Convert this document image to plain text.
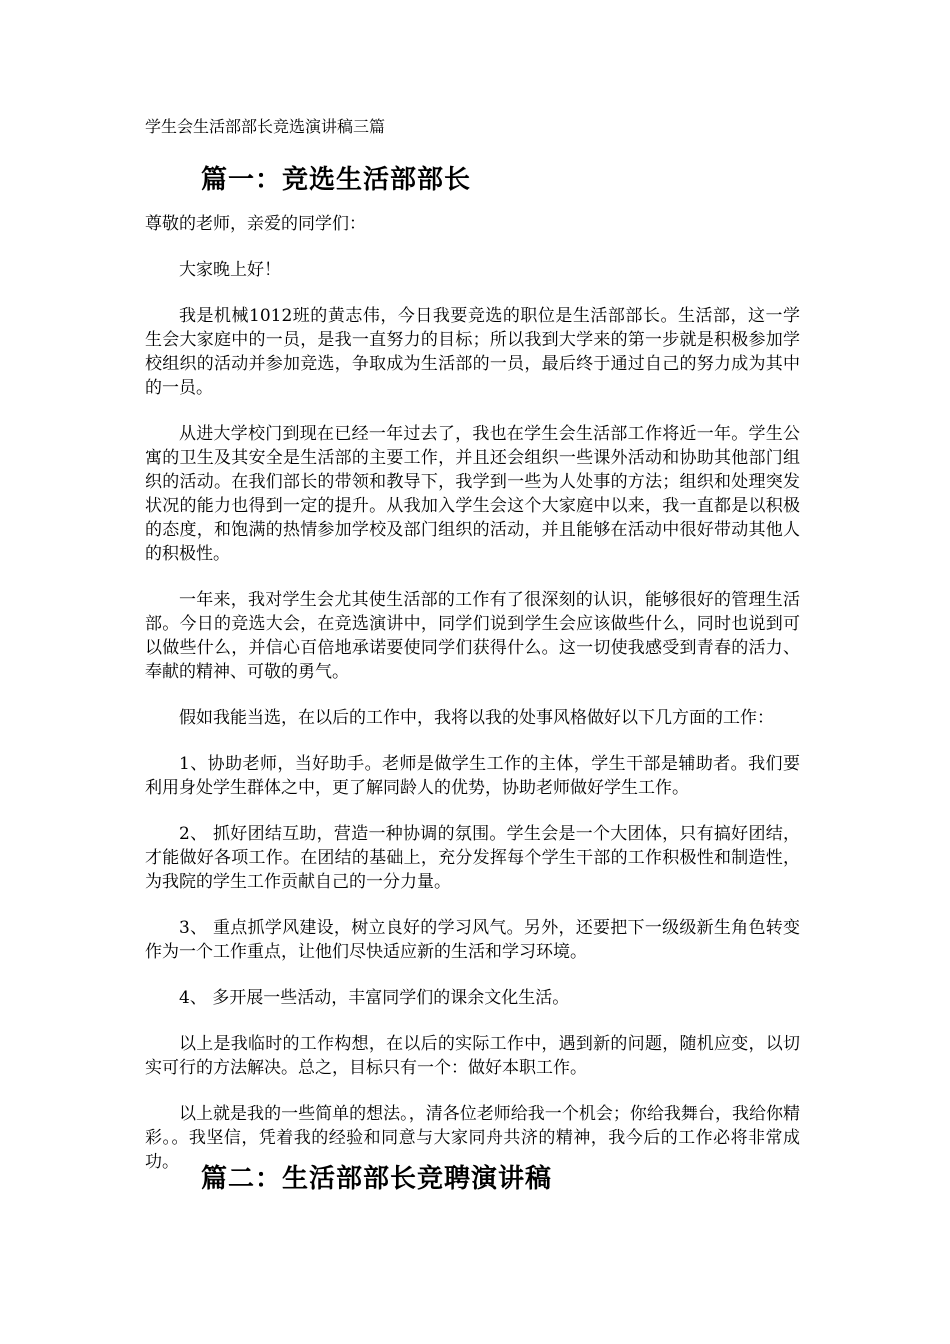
学生会生活部部长竞选演讲稿三篇
篇一：竞选生活部部长

尊敬的老师，亲爱的同学们：

大家晚上好！

我是机械1012班的黄志伟，今日我要竞选的职位是生活部部长。生活部，这一学生会大家庭中的一员，是我一直努力的目标；所以我到大学来的第一步就是积极参加学校组织的活动并参加竞选，争取成为生活部的一员，最后终于通过自己的努力成为其中的一员。

从进大学校门到现在已经一年过去了，我也在学生会生活部工作将近一年。学生公寓的卫生及其安全是生活部的主要工作，并且还会组织一些课外活动和协助其他部门组织的活动。在我们部长的带领和教导下，我学到一些为人处事的方法；组织和处理突发状况的能力也得到一定的提升。从我加入学生会这个大家庭中以来，我一直都是以积极的态度，和饱满的热情参加学校及部门组织的活动，并且能够在活动中很好带动其他人的积极性。

一年来，我对学生会尤其使生活部的工作有了很深刻的认识，能够很好的管理生活部。今日的竞选大会，在竞选演讲中，同学们说到学生会应该做些什么，同时也说到可以做些什么，并信心百倍地承诺要使同学们获得什么。这一切使我感受到青春的活力、奉献的精神、可敬的勇气。

假如我能当选，在以后的工作中，我将以我的处事风格做好以下几方面的工作：

1、协助老师，当好助手。老师是做学生工作的主体，学生干部是辅助者。我们要利用身处学生群体之中，更了解同龄人的优势，协助老师做好学生工作。

2、 抓好团结互助，营造一种协调的氛围。学生会是一个大团体，只有搞好团结，才能做好各项工作。在团结的基础上，充分发挥每个学生干部的工作积极性和制造性，为我院的学生工作贡献自己的一分力量。

3、 重点抓学风建设，树立良好的学习风气。另外，还要把下一级级新生角色转变作为一个工作重点，让他们尽快适应新的生活和学习环境。

4、 多开展一些活动，丰富同学们的课余文化生活。

以上是我临时的工作构想，在以后的实际工作中，遇到新的问题，随机应变，以切实可行的方法解决。总之，目标只有一个：做好本职工作。

以上就是我的一些简单的想法。，清各位老师给我一个机会；你给我舞台，我给你精彩。。我坚信，凭着我的经验和同意与大家同舟共济的精神，我今后的工作必将非常成功。

篇二：生活部部长竞聘演讲稿
